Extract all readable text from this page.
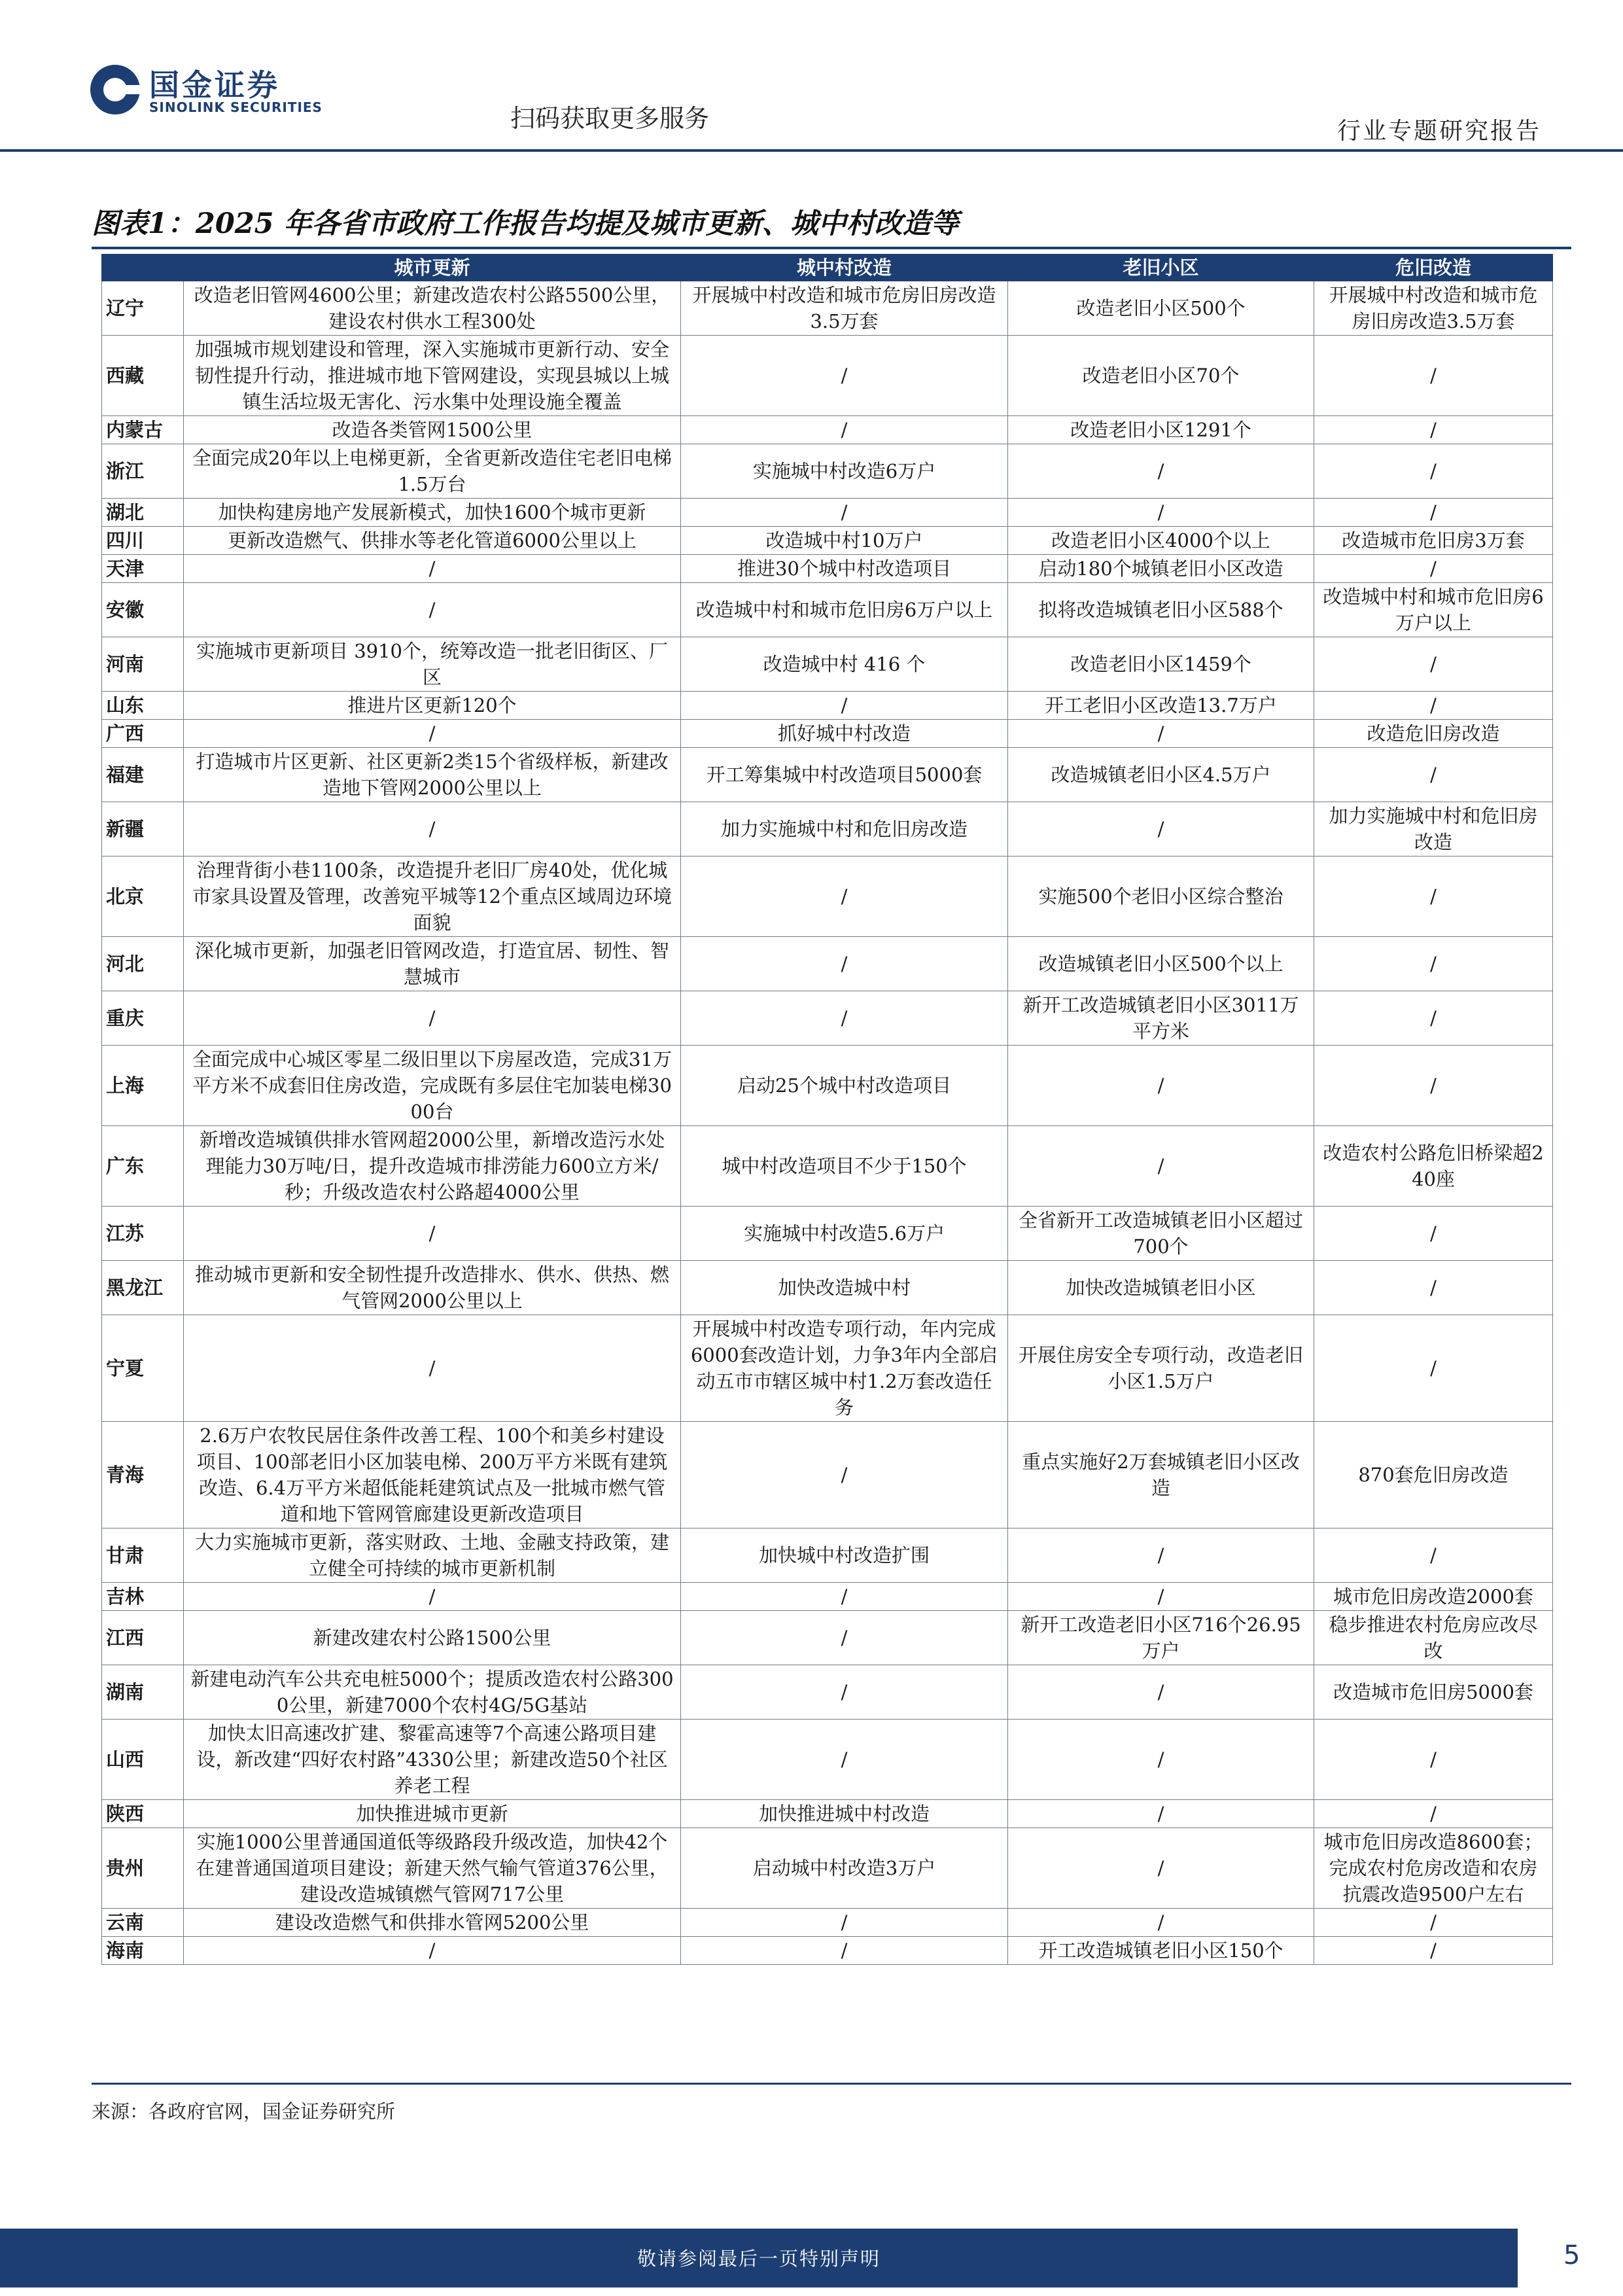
国金证券
SINOLINK SECURITIES	扫码获取更多服务	行业专题研究报告
图表1：2025 年各省市政府工作报告均提及城市更新、城中村改造等
	城市更新	城中村改造	老旧小区	危旧改造
辽宁	改造老旧管网4600公里；新建改造农村公路5500公里，建设农村供水工程300处	开展城中村改造和城市危房旧房改造3.5万套	改造老旧小区500个	开展城中村改造和城市危房旧房改造3.5万套
西藏	加强城市规划建设和管理，深入实施城市更新行动、安全韧性提升行动，推进城市地下管网建设，实现县城以上城镇生活垃圾无害化、污水集中处理设施全覆盖	/	改造老旧小区70个	/
内蒙古	改造各类管网1500公里	/	改造老旧小区1291个	/
浙江	全面完成20年以上电梯更新，全省更新改造住宅老旧电梯1.5万台	实施城中村改造6万户	/	/
湖北	加快构建房地产发展新模式，加快1600个城市更新	/	/	/
四川	更新改造燃气、供排水等老化管道6000公里以上	改造城中村10万户	改造老旧小区4000个以上	改造城市危旧房3万套
天津	/	推进30个城中村改造项目	启动180个城镇老旧小区改造	/
安徽	/	改造城中村和城市危旧房6万户以上	拟将改造城镇老旧小区588个	改造城中村和城市危旧房6万户以上
河南	实施城市更新项目 3910个，统筹改造一批老旧街区、厂区	改造城中村 416 个	改造老旧小区1459个	/
山东	推进片区更新120个	/	开工老旧小区改造13.7万户	/
广西	/	抓好城中村改造	/	改造危旧房改造
福建	打造城市片区更新、社区更新2类15个省级样板，新建改造地下管网2000公里以上	开工筹集城中村改造项目5000套	改造城镇老旧小区4.5万户	/
新疆	/	加力实施城中村和危旧房改造	/	加力实施城中村和危旧房改造
北京	治理背街小巷1100条，改造提升老旧厂房40处，优化城市家具设置及管理，改善宛平城等12个重点区域周边环境面貌	/	实施500个老旧小区综合整治	/
河北	深化城市更新，加强老旧管网改造，打造宜居、韧性、智慧城市	/	改造城镇老旧小区500个以上	/
重庆	/	/	新开工改造城镇老旧小区3011万平方米	/
上海	全面完成中心城区零星二级旧里以下房屋改造，完成31万平方米不成套旧住房改造，完成既有多层住宅加装电梯3000台	启动25个城中村改造项目	/	/
广东	新增改造城镇供排水管网超2000公里，新增改造污水处理能力30万吨/日，提升改造城市排涝能力600立方米/秒；升级改造农村公路超4000公里	城中村改造项目不少于150个	/	改造农村公路危旧桥梁超240座
江苏	/	实施城中村改造5.6万户	全省新开工改造城镇老旧小区超过700个	/
黑龙江	推动城市更新和安全韧性提升改造排水、供水、供热、燃气管网2000公里以上	加快改造城中村	加快改造城镇老旧小区	/
宁夏	/	开展城中村改造专项行动，年内完成6000套改造计划，力争3年内全部启动五市市辖区城中村1.2万套改造任务	开展住房安全专项行动，改造老旧小区1.5万户	/
青海	2.6万户农牧民居住条件改善工程、100个和美乡村建设项目、100部老旧小区加装电梯、200万平方米既有建筑改造、6.4万平方米超低能耗建筑试点及一批城市燃气管道和地下管网管廊建设更新改造项目	/	重点实施好2万套城镇老旧小区改造	870套危旧房改造
甘肃	大力实施城市更新，落实财政、土地、金融支持政策，建立健全可持续的城市更新机制	加快城中村改造扩围	/	/
吉林	/	/	/	城市危旧房改造2000套
江西	新建改建农村公路1500公里	/	新开工改造老旧小区716个26.95万户	稳步推进农村危房应改尽改
湖南	新建电动汽车公共充电桩5000个；提质改造农村公路3000公里，新建7000个农村4G/5G基站	/	/	改造城市危旧房5000套
山西	加快太旧高速改扩建、黎霍高速等7个高速公路项目建设，新改建“四好农村路”4330公里；新建改造50个社区养老工程	/	/	/
陕西	加快推进城市更新	加快推进城中村改造	/	/
贵州	实施1000公里普通国道低等级路段升级改造，加快42个在建普通国道项目建设；新建天然气输气管道376公里，建设改造城镇燃气管网717公里	启动城中村改造3万户	/	城市危旧房改造8600套；完成农村危房改造和农房抗震改造9500户左右
云南	建设改造燃气和供排水管网5200公里	/	/	/
海南	/	/	开工改造城镇老旧小区150个	/
来源：各政府官网，国金证券研究所
敬请参阅最后一页特别声明	5
